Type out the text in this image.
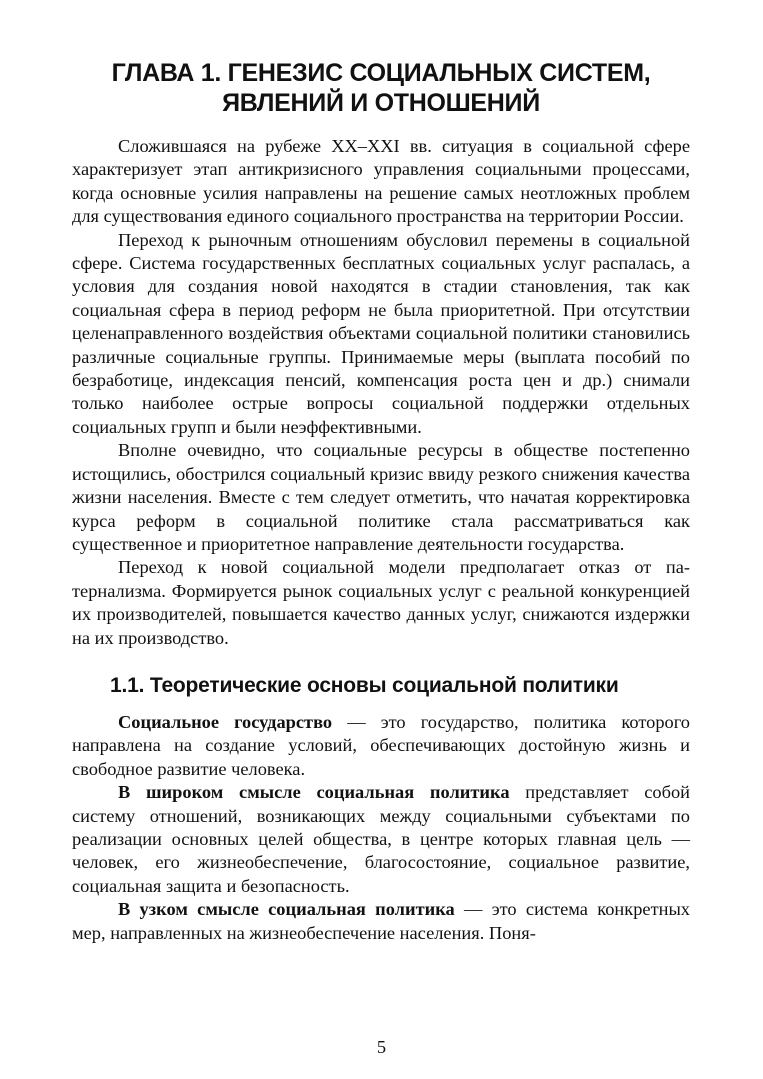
ГЛАВА 1. ГЕНЕЗИС СОЦИАЛЬНЫХ СИСТЕМ,
ЯВЛЕНИЙ И ОТНОШЕНИЙ

Сложившаяся на рубеже XX–XXI вв. ситуация в социальной сфере характеризует этап антикризисного управления социальными процессами, когда основные усилия направлены на решение самых неотложных проблем для существования единого социального пространства на территории России.

Переход к рыночным отношениям обусловил перемены в социальной сфере. Система государственных бесплатных социальных услуг распалась, а условия для создания новой находятся в стадии становления, так как социальная сфера в период реформ не была приоритетной. При отсутствии целенаправленного воздействия объектами социальной политики становились различные социальные группы. Принимаемые меры (выплата пособий по безработице, индексация пенсий, компенсация роста цен и др.) снимали только наиболее острые вопросы социальной поддержки отдельных социальных групп и были неэффективными.

Вполне очевидно, что социальные ресурсы в обществе постепенно истощились, обострился социальный кризис ввиду резкого снижения качества жизни населения. Вместе с тем следует отметить, что начатая корректировка курса реформ в социальной политике стала рассматриваться как существенное и приоритетное направление деятельности государства.

Переход к новой социальной модели предполагает отказ от патернализма. Формируется рынок социальных услуг с реальной конкуренцией их производителей, повышается качество данных услуг, снижаются издержки на их производство.

1.1. Теоретические основы социальной политики

Социальное государство — это государство, политика которого направлена на создание условий, обеспечивающих достойную жизнь и свободное развитие человека.

В широком смысле социальная политика представляет собой систему отношений, возникающих между социальными субъектами по реализации основных целей общества, в центре которых главная цель — человек, его жизнеобеспечение, благосостояние, социальное развитие, социальная защита и безопасность.

В узком смысле социальная политика — это система конкретных мер, направленных на жизнеобеспечение населения. Поня-

5
